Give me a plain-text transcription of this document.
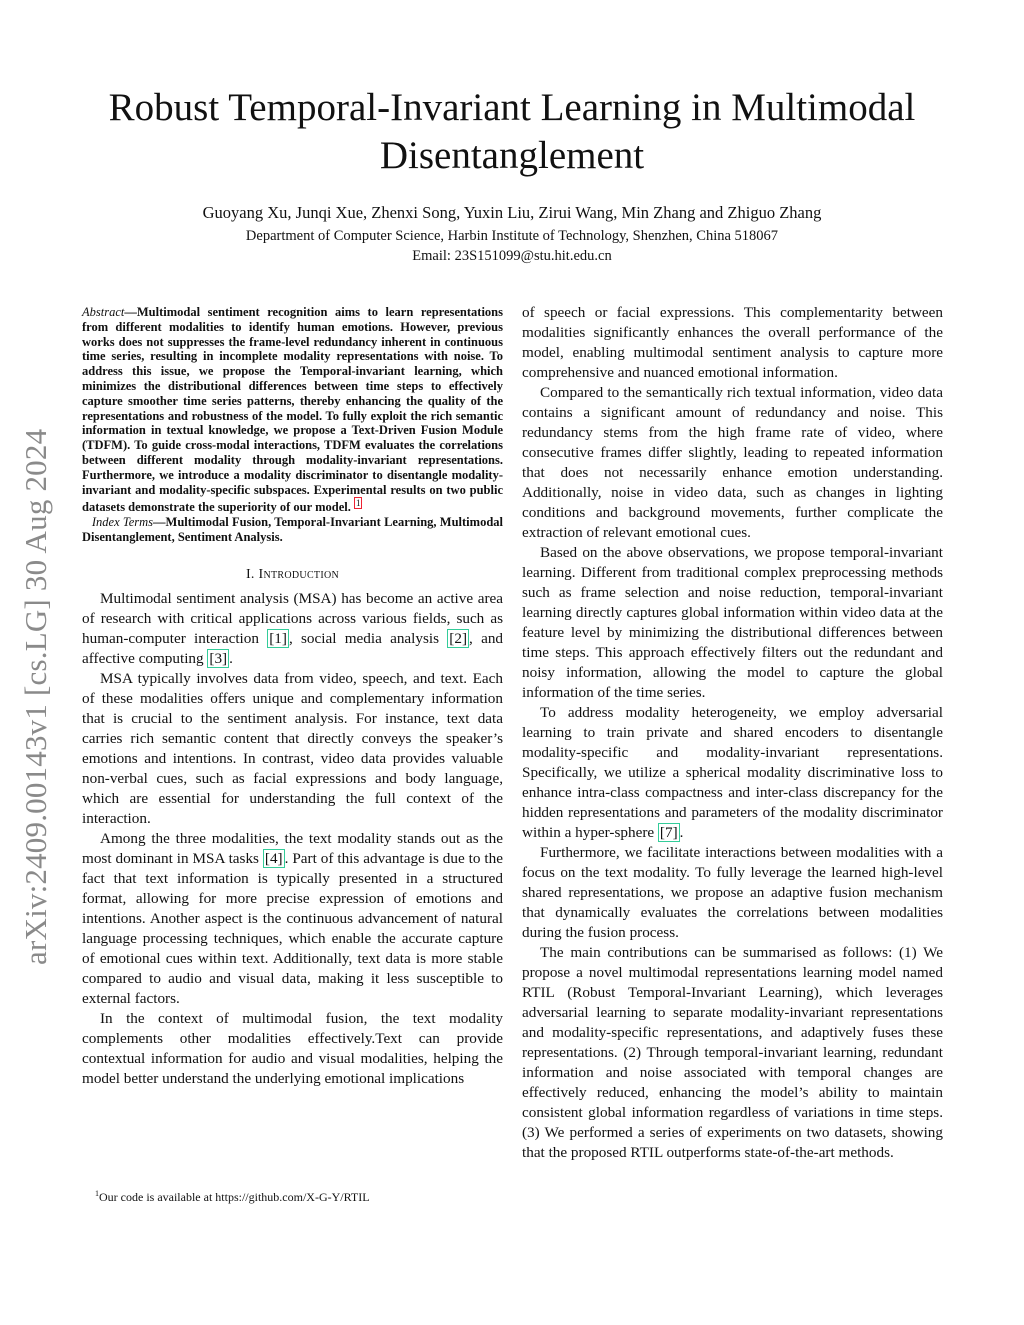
Robust Temporal-Invariant Learning in Multimodal Disentanglement
Guoyang Xu, Junqi Xue, Zhenxi Song, Yuxin Liu, Zirui Wang, Min Zhang and Zhiguo Zhang
Department of Computer Science, Harbin Institute of Technology, Shenzhen, China 518067
Email: 23S151099@stu.hit.edu.cn
arXiv:2409.00143v1 [cs.LG] 30 Aug 2024

Abstract—Multimodal sentiment recognition aims to learn representations from different modalities to identify human emotions. However, previous works does not suppresses the frame-level redundancy inherent in continuous time series, resulting in incomplete modality representations with noise. To address this issue, we propose the Temporal-invariant learning, which minimizes the distributional differences between time steps to effectively capture smoother time series patterns, thereby enhancing the quality of the representations and robustness of the model. To fully exploit the rich semantic information in textual knowledge, we propose a Text-Driven Fusion Module (TDFM). To guide cross-modal interactions, TDFM evaluates the correlations between different modality through modality-invariant representations. Furthermore, we introduce a modality discriminator to disentangle modality-invariant and modality-specific subspaces. Experimental results on two public datasets demonstrate the superiority of our model. 1
Index Terms—Multimodal Fusion, Temporal-Invariant Learning, Multimodal Disentanglement, Sentiment Analysis.

I. Introduction

Multimodal sentiment analysis (MSA) has become an active area of research with critical applications across various fields, such as human-computer interaction [1] , social media analysis [2] , and affective computing [3] .

MSA typically involves data from video, speech, and text. Each of these modalities offers unique and complementary information that is crucial to the sentiment analysis. For instance, text data carries rich semantic content that directly conveys the speaker’s emotions and intentions. In contrast, video data provides valuable non-verbal cues, such as facial expressions and body language, which are essential for understanding the full context of the interaction.

Among the three modalities, the text modality stands out as the most dominant in MSA tasks [4] . Part of this advantage is due to the fact that text information is typically presented in a structured format, allowing for more precise expression of emotions and intentions. Another aspect is the continuous advancement of natural language processing techniques, which enable the accurate capture of emotional cues within text. Additionally, text data is more stable compared to audio and visual data, making it less susceptible to external factors.

In the context of multimodal fusion, the text modality complements other modalities effectively.Text can provide contextual information for audio and visual modalities, helping the model better understand the underlying emotional implications

$^1$Our code is available at https://github.com/X-G-Y/RTIL

of speech or facial expressions. This complementarity between modalities significantly enhances the overall performance of the model, enabling multimodal sentiment analysis to capture more comprehensive and nuanced emotional information.

Compared to the semantically rich textual information, video data contains a significant amount of redundancy and noise. This redundancy stems from the high frame rate of video, where consecutive frames differ slightly, leading to repeated information that does not necessarily enhance emotion understanding. Additionally, noise in video data, such as changes in lighting conditions and background movements, further complicate the extraction of relevant emotional cues.

Based on the above observations, we propose temporal-invariant learning. Different from traditional complex preprocessing methods such as frame selection and noise reduction, temporal-invariant learning directly captures global information within video data at the feature level by minimizing the distributional differences between time steps. This approach effectively filters out the redundant and noisy information, allowing the model to capture the global information of the time series.

To address modality heterogeneity, we employ adversarial learning to train private and shared encoders to disentangle modality-specific and modality-invariant representations. Specifically, we utilize a spherical modality discriminative loss to enhance intra-class compactness and inter-class discrepancy for the hidden representations and parameters of the modality discriminator within a hyper-sphere [7] .

Furthermore, we facilitate interactions between modalities with a focus on the text modality. To fully leverage the learned high-level shared representations, we propose an adaptive fusion mechanism that dynamically evaluates the correlations between modalities during the fusion process.

The main contributions can be summarised as follows: (1) We propose a novel multimodal representations learning model named RTIL (Robust Temporal-Invariant Learning), which leverages adversarial learning to separate modality-invariant representations and modality-specific representations, and adaptively fuses these representations. (2) Through temporal-invariant learning, redundant information and noise associated with temporal changes are effectively reduced, enhancing the model’s ability to maintain consistent global information regardless of variations in time steps. (3) We performed a series of experiments on two datasets, showing that the proposed RTIL outperforms state-of-the-art methods.
